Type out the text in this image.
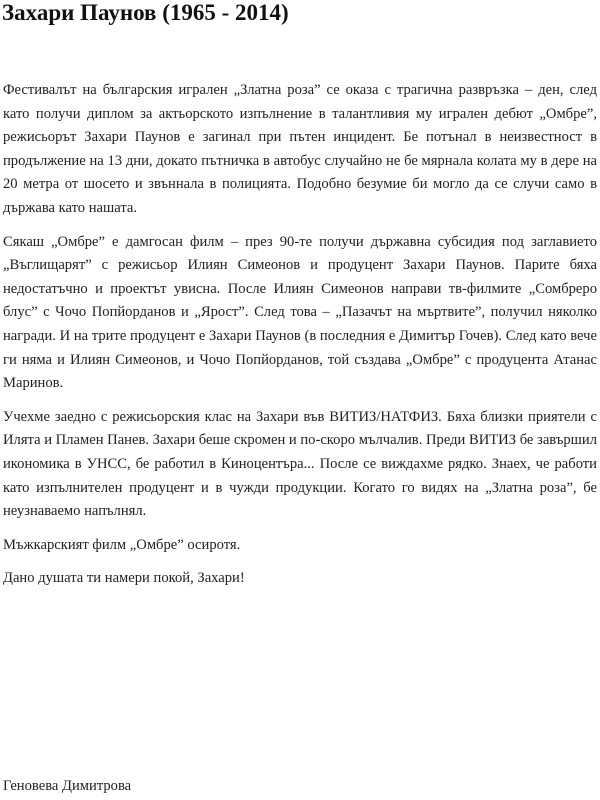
Захари Паунов (1965 - 2014)

Фестивалът на българския игрален „Златна роза” се оказа с трагична развръзка – ден, след като получи диплом за актьорското изпълнение в талантливия му игрален дебют „Омбре”, режисьорът Захари Паунов е загинал при пътен инцидент. Бе потънал в неизвестност в продължение на 13 дни, докато пътничка в автобус случайно не бе мярнала колата му в дере на 20 метра от шосето и звъннала в полицията. Подобно безумие би могло да се случи само в държава като нашата.

Сякаш „Омбре” е дамгосан филм – през 90-те получи държавна субсидия под заглавието „Въглищарят” с режисьор Илиян Симеонов и продуцент Захари Паунов. Парите бяха недостатъчно и проектът увисна. После Илиян Симеонов направи тв-филмите „Сомбреро блус” с Чочо Попйорданов и „Ярост”. След това – „Пазачът на мъртвите”, получил няколко награди. И на трите продуцент е Захари Паунов (в последния е Димитър Гочев). След като вече ги няма и Илиян Симеонов, и Чочо Попйорданов, той създава „Омбре” с продуцента Атанас Маринов.

Учехме заедно с режисьорския клас на Захари във ВИТИЗ/НАТФИЗ. Бяха близки приятели с Илята и Пламен Панев. Захари беше скромен и по-скоро мълчалив. Преди ВИТИЗ бе завършил икономика в УНСС, бе работил в Киноцентъра... После се виждахме рядко. Знаех, че работи като изпълнителен продуцент и в чужди продукции. Когато го видях на „Златна роза”, бе неузнаваемо напълнял.

Мъжкарският филм „Омбре” осиротя.

Дано душата ти намери покой, Захари!

Геновева Димитрова
